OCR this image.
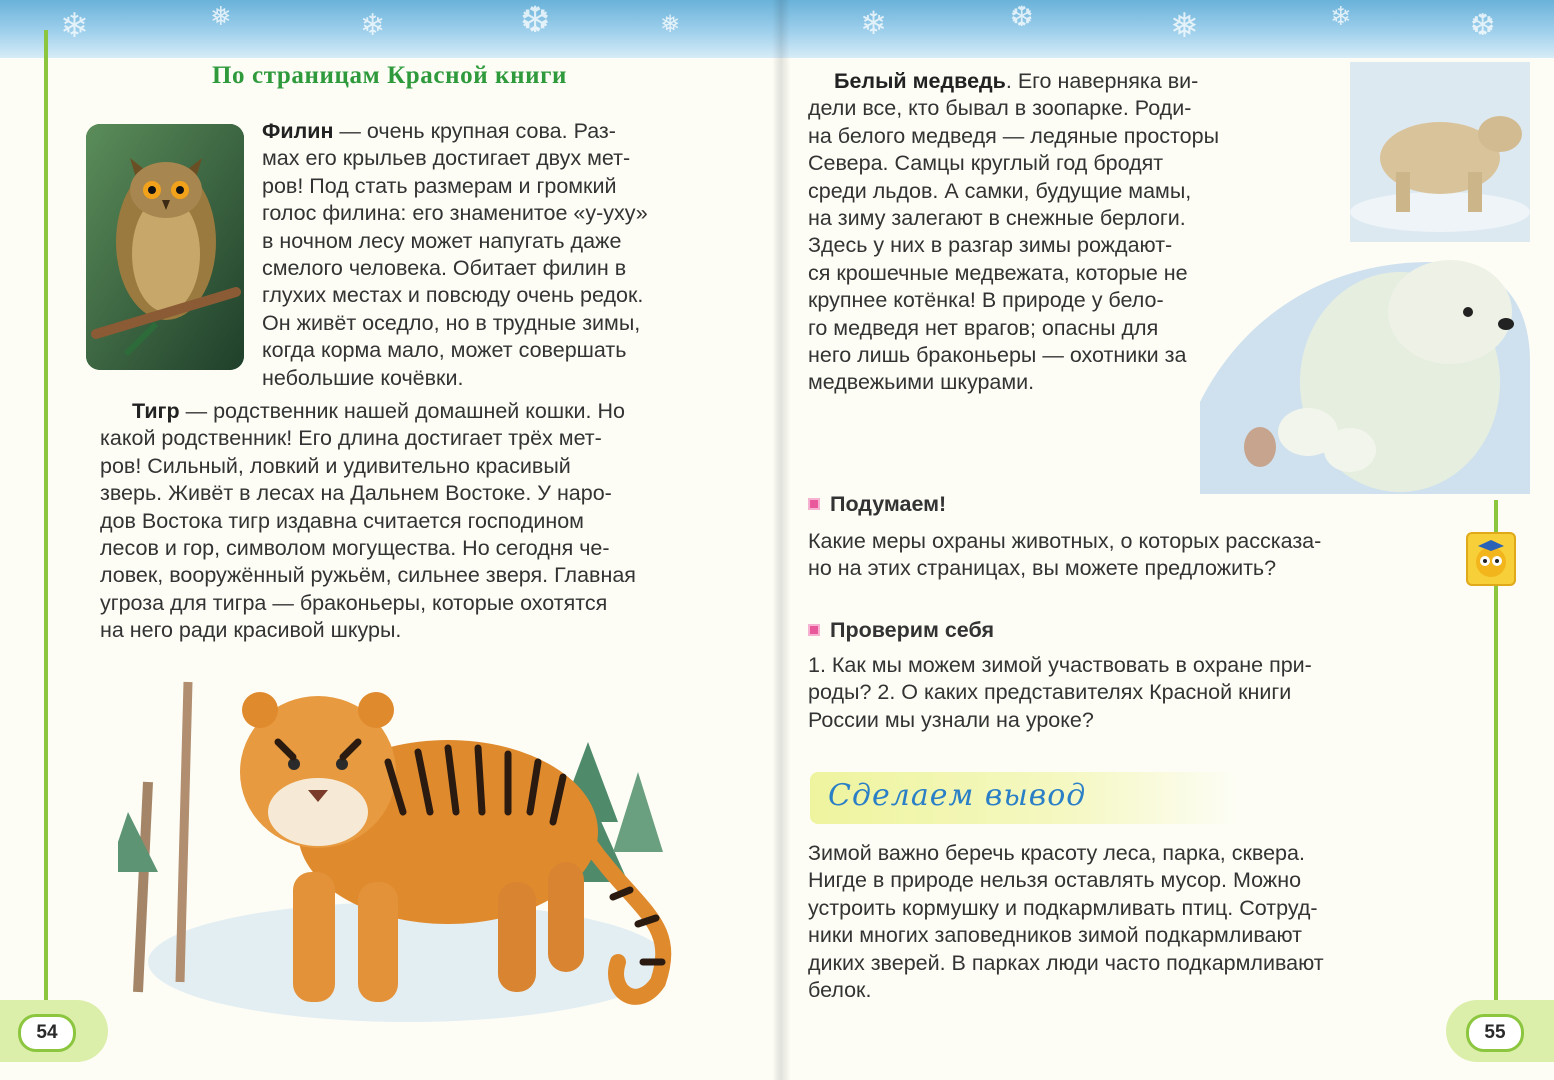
❄	❅	❄	❆	❅	❄	❆	❅	❄	❆
54
По страницам Красной книги
Филин — очень крупная сова. Раз-
мах его крыльев достигает двух мет-
ров! Под стать размерам и громкий
голос филина: его знаменитое «у-уху»
в ночном лесу может напугать даже
смелого человека. Обитает филин в
глухих местах и повсюду очень редок.
Он живёт оседло, но в трудные зимы,
когда корма мало, может совершать
небольшие кочёвки.
Тигр — родственник нашей домашней кошки. Но
какой родственник! Его длина достигает трёх мет-
ров! Сильный, ловкий и удивительно красивый
зверь. Живёт в лесах на Дальнем Востоке. У наро-
дов Востока тигр издавна считается господином
лесов и гор, символом могущества. Но сегодня че-
ловек, вооружённый ружьём, сильнее зверя. Главная
угроза для тигра — браконьеры, которые охотятся
на него ради красивой шкуры.
55
Белый медведь. Его наверняка ви-
дели все, кто бывал в зоопарке. Роди-
на белого медведя — ледяные просторы
Севера. Самцы круглый год бродят
среди льдов. А самки, будущие мамы,
на зиму залегают в снежные берлоги.
Здесь у них в разгар зимы рождают-
ся крошечные медвежата, которые не
крупнее котёнка! В природе у бело-
го медведя нет врагов; опасны для
него лишь браконьеры — охотники за
медвежьими шкурами.
Подумаем!
Какие меры охраны животных, о которых рассказа-
но на этих страницах, вы можете предложить?
Проверим себя
1. Как мы можем зимой участвовать в охране при-
роды? 2. О каких представителях Красной книги
России мы узнали на уроке?
Сделаем вывод
Зимой важно беречь красоту леса, парка, сквера.
Нигде в природе нельзя оставлять мусор. Можно
устроить кормушку и подкармливать птиц. Сотруд-
ники многих заповедников зимой подкармливают
диких зверей. В парках люди часто подкармливают
белок.
